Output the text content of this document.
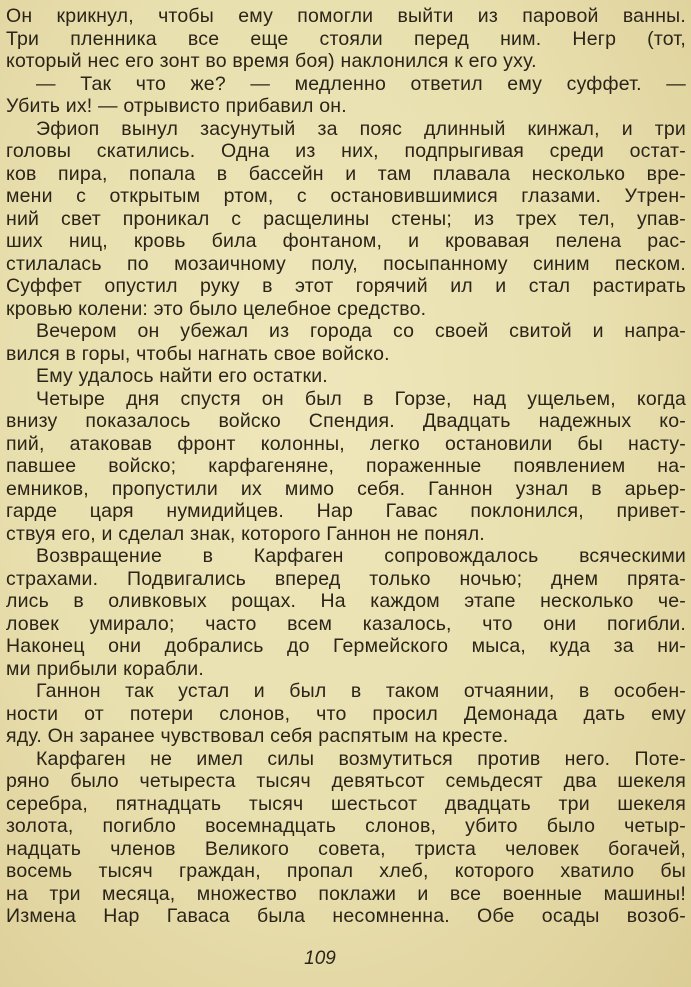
Он крикнул, чтобы ему помогли выйти из паровой ванны.
Три пленника все еще стояли перед ним. Негр (тот,
который нес его зонт во время боя) наклонился к его уху.
— Так что же? — медленно ответил ему суффет. —
Убить их! — отрывисто прибавил он.
Эфиоп вынул засунутый за пояс длинный кинжал, и три
головы скатились. Одна из них, подпрыгивая среди остат-
ков пира, попала в бассейн и там плавала несколько вре-
мени с открытым ртом, с остановившимися глазами. Утрен-
ний свет проникал с расщелины стены; из трех тел, упав-
ших ниц, кровь била фонтаном, и кровавая пелена рас-
стилалась по мозаичному полу, посыпанному синим песком.
Суффет опустил руку в этот горячий ил и стал растирать
кровью колени: это было целебное средство.
Вечером он убежал из города со своей свитой и напра-
вился в горы, чтобы нагнать свое войско.
Ему удалось найти его остатки.
Четыре дня спустя он был в Горзе, над ущельем, когда
внизу показалось войско Спендия. Двадцать надежных ко-
пий, атаковав фронт колонны, легко остановили бы насту-
павшее войско; карфагеняне, пораженные появлением на-
емников, пропустили их мимо себя. Ганнон узнал в арьер-
гарде царя нумидийцев. Нар Гавас поклонился, привет-
ствуя его, и сделал знак, которого Ганнон не понял.
Возвращение в Карфаген сопровождалось всяческими
страхами. Подвигались вперед только ночью; днем прята-
лись в оливковых рощах. На каждом этапе несколько че-
ловек умирало; часто всем казалось, что они погибли.
Наконец они добрались до Гермейского мыса, куда за ни-
ми прибыли корабли.
Ганнон так устал и был в таком отчаянии, в особен-
ности от потери слонов, что просил Демонада дать ему
яду. Он заранее чувствовал себя распятым на кресте.
Карфаген не имел силы возмутиться против него. Поте-
ряно было четыреста тысяч девятьсот семьдесят два шекеля
серебра, пятнадцать тысяч шестьсот двадцать три шекеля
золота, погибло восемнадцать слонов, убито было четыр-
надцать членов Великого совета, триста человек богачей,
восемь тысяч граждан, пропал хлеб, которого хватило бы
на три месяца, множество поклажи и все военные машины!
Измена Нар Гаваса была несомненна. Обе осады возоб-
109
